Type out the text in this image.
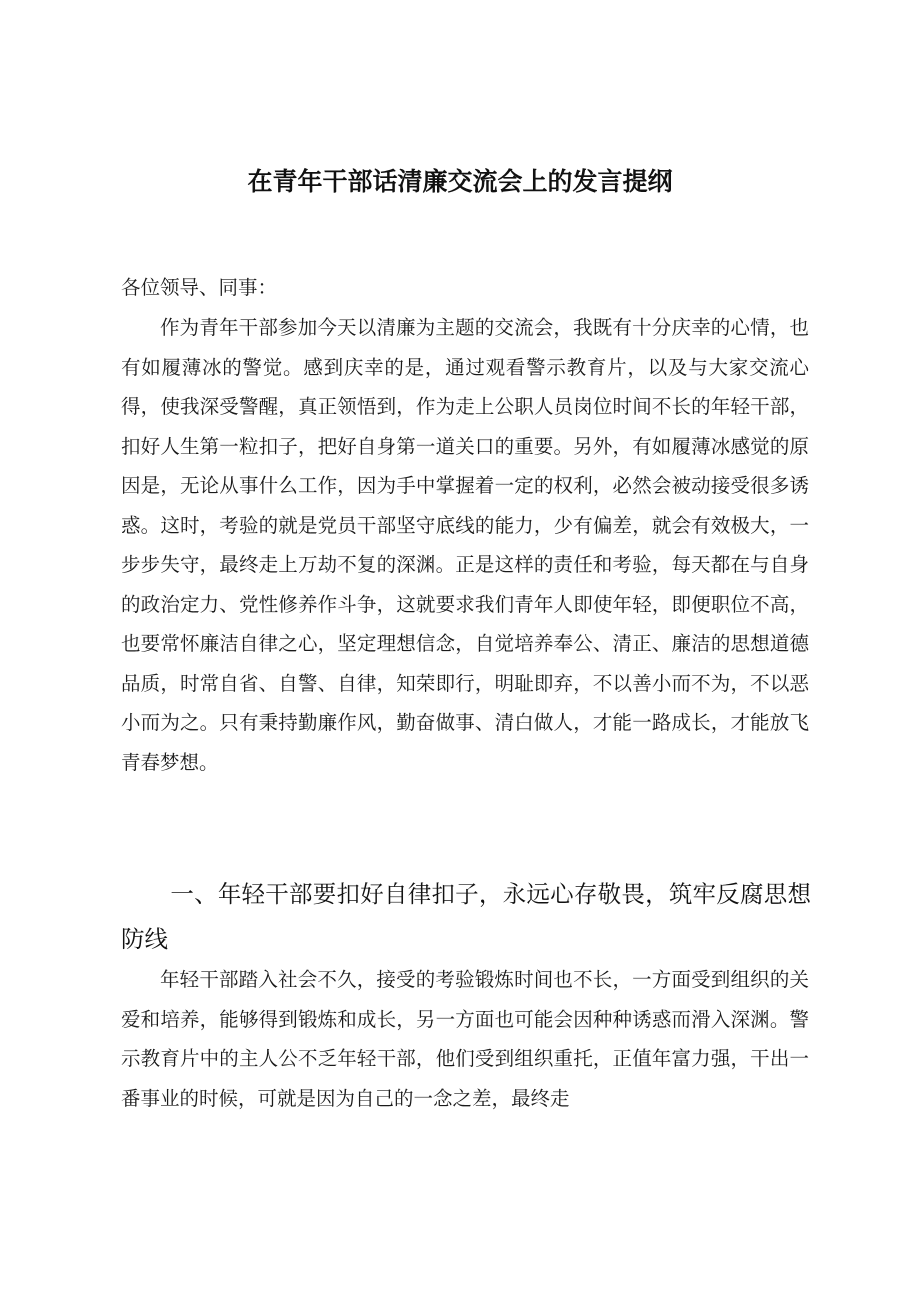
在青年干部话清廉交流会上的发言提纲
各位领导、同事：
作为青年干部参加今天以清廉为主题的交流会，我既有十分庆幸的心情，也有如履薄冰的警觉。感到庆幸的是，通过观看警示教育片，以及与大家交流心得，使我深受警醒，真正领悟到，作为走上公职人员岗位时间不长的年轻干部，扣好人生第一粒扣子，把好自身第一道关口的重要。另外，有如履薄冰感觉的原因是，无论从事什么工作，因为手中掌握着一定的权利，必然会被动接受很多诱惑。这时，考验的就是党员干部坚守底线的能力，少有偏差，就会有效极大，一步步失守，最终走上万劫不复的深渊。正是这样的责任和考验，每天都在与自身的政治定力、党性修养作斗争，这就要求我们青年人即使年轻，即便职位不高，也要常怀廉洁自律之心，坚定理想信念，自觉培养奉公、清正、廉洁的思想道德品质，时常自省、自警、自律，知荣即行，明耻即弃，不以善小而不为，不以恶小而为之。只有秉持勤廉作风，勤奋做事、清白做人，才能一路成长，才能放飞青春梦想。
一、年轻干部要扣好自律扣子，永远心存敬畏，筑牢反腐思想防线
年轻干部踏入社会不久，接受的考验锻炼时间也不长，一方面受到组织的关爱和培养，能够得到锻炼和成长，另一方面也可能会因种种诱惑而滑入深渊。警示教育片中的主人公不乏年轻干部，他们受到组织重托，正值年富力强，干出一番事业的时候，可就是因为自己的一念之差，最终走
